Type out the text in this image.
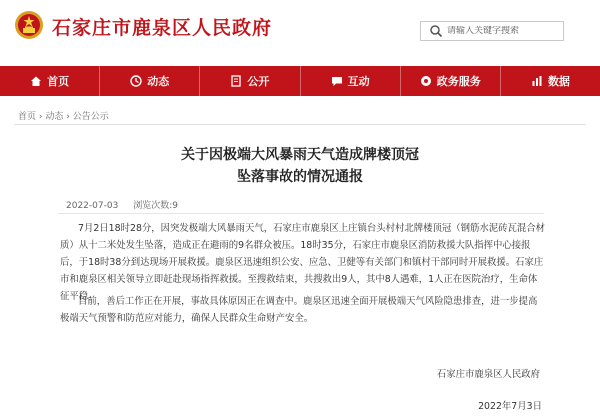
石家庄市鹿泉区人民政府
请输入关键字搜索
首页	动态	公开	互动	政务服务	数据
首页 › 动态 › 公告公示
关于因极端大风暴雨天气造成牌楼顶冠
坠落事故的情况通报
2022-07-03 浏览次数:9
7月2日18时28分，因突发极端大风暴雨天气，石家庄市鹿泉区上庄镇台头村村北牌楼顶冠（钢筋水泥砖瓦混合材质）从十二米处发生坠落，造成正在避雨的9名群众被压。18时35分，石家庄市鹿泉区消防救援大队指挥中心接报后，于18时38分到达现场开展救援。鹿泉区迅速组织公安、应急、卫健等有关部门和镇村干部同时开展救援。石家庄市和鹿泉区相关领导立即赶赴现场指挥救援。至搜救结束，共搜救出9人，其中8人遇难，1人正在医院治疗，生命体征平稳。
目前，善后工作正在开展，事故具体原因正在调查中。鹿泉区迅速全面开展极端天气风险隐患排查，进一步提高极端天气预警和防范应对能力，确保人民群众生命财产安全。
石家庄市鹿泉区人民政府
2022年7月3日
